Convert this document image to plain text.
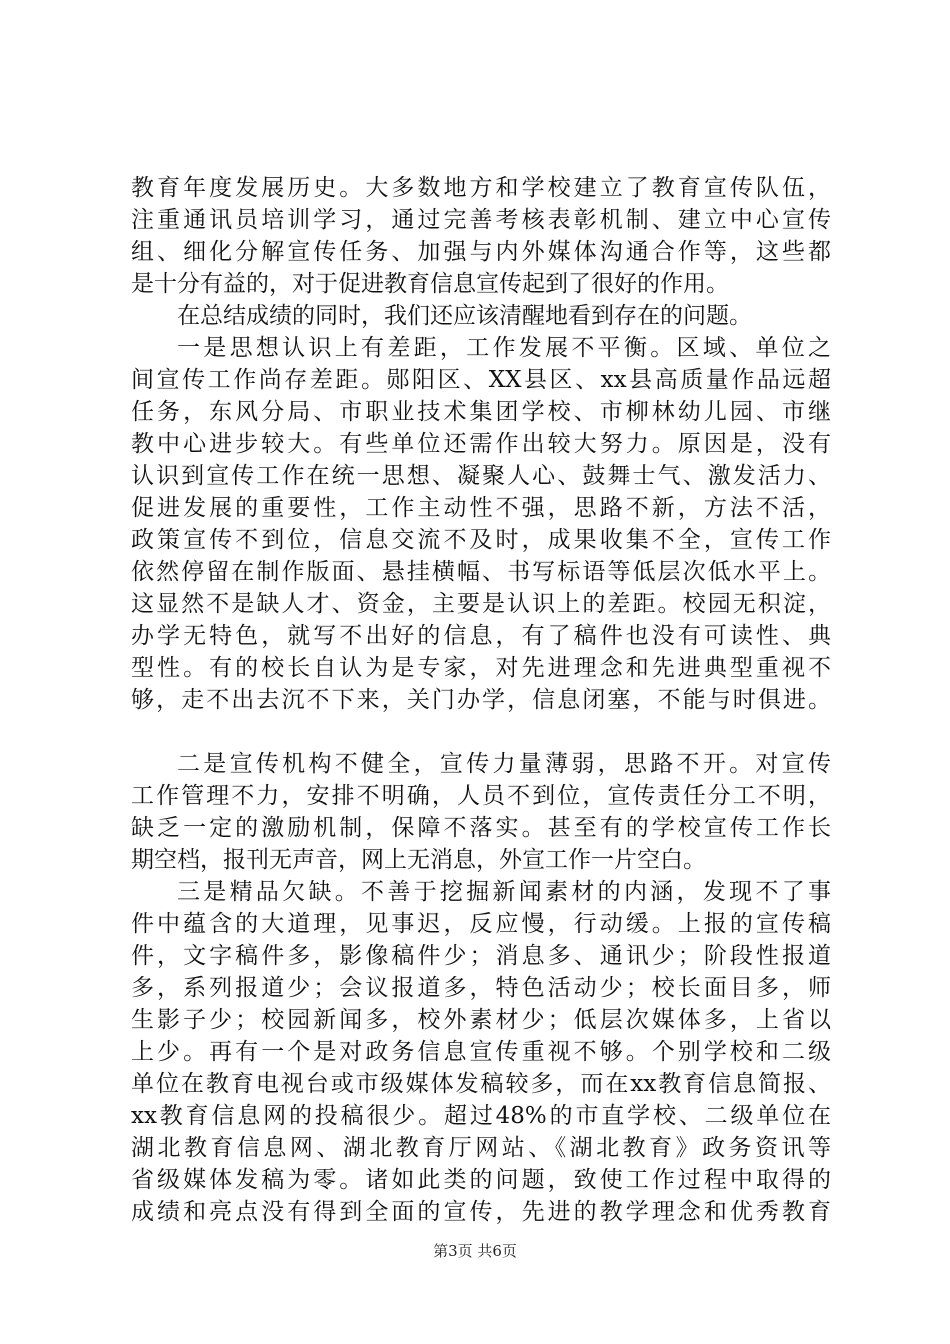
教育年度发展历史。大多数地方和学校建立了教育宣传队伍，
注重通讯员培训学习，通过完善考核表彰机制、建立中心宣传
组、细化分解宣传任务、加强与内外媒体沟通合作等，这些都
是十分有益的，对于促进教育信息宣传起到了很好的作用。
在总结成绩的同时，我们还应该清醒地看到存在的问题。
一是思想认识上有差距，工作发展不平衡。区域、单位之
间宣传工作尚存差距。郧阳区、XX县区、xx县高质量作品远超
任务，东风分局、市职业技术集团学校、市柳林幼儿园、市继
教中心进步较大。有些单位还需作出较大努力。原因是，没有
认识到宣传工作在统一思想、凝聚人心、鼓舞士气、激发活力、
促进发展的重要性，工作主动性不强，思路不新，方法不活，
政策宣传不到位，信息交流不及时，成果收集不全，宣传工作
依然停留在制作版面、悬挂横幅、书写标语等低层次低水平上。
这显然不是缺人才、资金，主要是认识上的差距。校园无积淀，
办学无特色，就写不出好的信息，有了稿件也没有可读性、典
型性。有的校长自认为是专家，对先进理念和先进典型重视不
够，走不出去沉不下来，关门办学，信息闭塞，不能与时俱进。
二是宣传机构不健全，宣传力量薄弱，思路不开。对宣传
工作管理不力，安排不明确，人员不到位，宣传责任分工不明，
缺乏一定的激励机制，保障不落实。甚至有的学校宣传工作长
期空档，报刊无声音，网上无消息，外宣工作一片空白。
三是精品欠缺。不善于挖掘新闻素材的内涵，发现不了事
件中蕴含的大道理，见事迟，反应慢，行动缓。上报的宣传稿
件，文字稿件多，影像稿件少；消息多、通讯少；阶段性报道
多，系列报道少；会议报道多，特色活动少；校长面目多，师
生影子少；校园新闻多，校外素材少；低层次媒体多，上省以
上少。再有一个是对政务信息宣传重视不够。个别学校和二级
单位在教育电视台或市级媒体发稿较多，而在xx教育信息简报、
xx教育信息网的投稿很少。超过48%的市直学校、二级单位在
湖北教育信息网、湖北教育厅网站、《湖北教育》政务资讯等
省级媒体发稿为零。诸如此类的问题，致使工作过程中取得的
成绩和亮点没有得到全面的宣传，先进的教学理念和优秀教育
第3页 共6页
